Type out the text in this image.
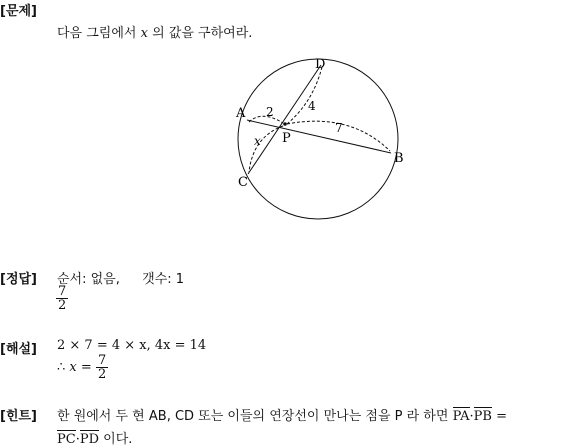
[문제]
다음 그림에서 x 의 값을 구하여라.
D
A
B
C
P
2	4
7
x
[정답] 순서: 없음, 갯수: 1
$\frac{7}{2}$
[해설] 2 × 7 = 4 × x, 4x = 14
∴ $x = \frac{7}{2}$
[힌트] 한 원에서 두 현 AB, CD 또는 이들의 연장선이 만나는 점을 P 라 하면 PA·PB =
PC·PD 이다.
